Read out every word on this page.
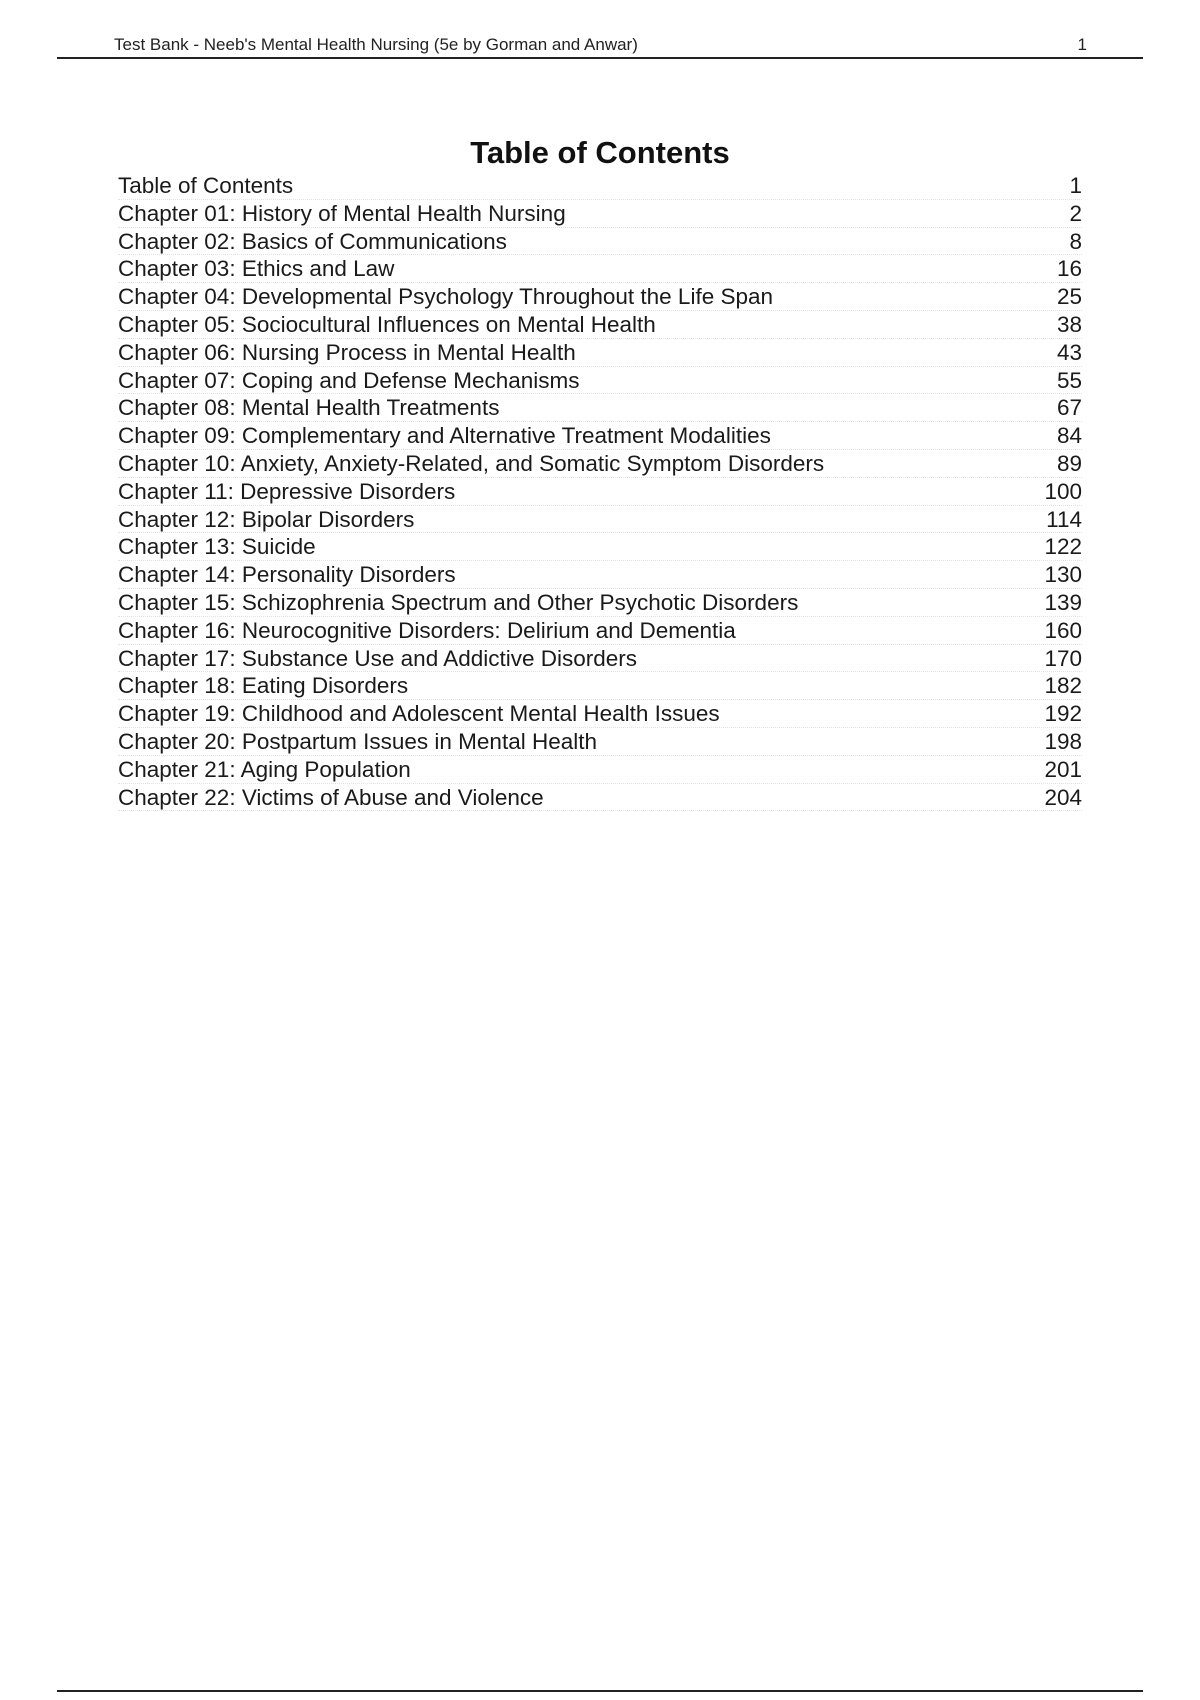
Test Bank - Neeb's Mental Health Nursing (5e by Gorman and Anwar)	1
Table of Contents
Table of Contents	1
Chapter 01: History of Mental Health Nursing	2
Chapter 02: Basics of Communications	8
Chapter 03: Ethics and Law	16
Chapter 04: Developmental Psychology Throughout the Life Span	25
Chapter 05: Sociocultural Influences on Mental Health	38
Chapter 06: Nursing Process in Mental Health	43
Chapter 07: Coping and Defense Mechanisms	55
Chapter 08: Mental Health Treatments	67
Chapter 09: Complementary and Alternative Treatment Modalities	84
Chapter 10: Anxiety, Anxiety-Related, and Somatic Symptom Disorders	89
Chapter 11: Depressive Disorders	100
Chapter 12: Bipolar Disorders	114
Chapter 13: Suicide	122
Chapter 14: Personality Disorders	130
Chapter 15: Schizophrenia Spectrum and Other Psychotic Disorders	139
Chapter 16: Neurocognitive Disorders: Delirium and Dementia	160
Chapter 17: Substance Use and Addictive Disorders	170
Chapter 18: Eating Disorders	182
Chapter 19: Childhood and Adolescent Mental Health Issues	192
Chapter 20: Postpartum Issues in Mental Health	198
Chapter 21: Aging Population	201
Chapter 22: Victims of Abuse and Violence	204
